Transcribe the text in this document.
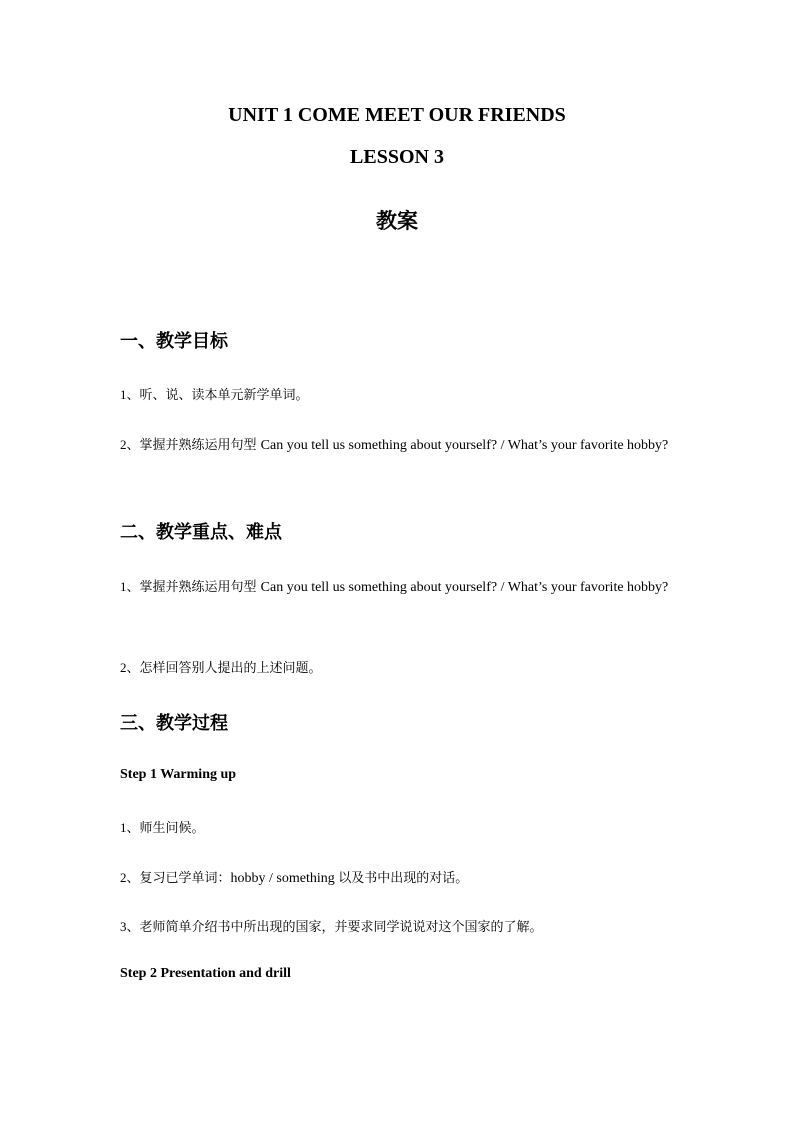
UNIT 1 COME MEET OUR FRIENDS
LESSON 3
教案
一、教学目标
1、听、说、读本单元新学单词。
2、掌握并熟练运用句型 Can you tell us something about yourself? / What’s your favorite hobby?
二、教学重点、难点
1、掌握并熟练运用句型 Can you tell us something about yourself? / What’s your favorite hobby?
2、怎样回答别人提出的上述问题。
三、教学过程
Step 1 Warming up
1、师生问候。
2、复习已学单词：hobby / something 以及书中出现的对话。
3、老师简单介绍书中所出现的国家，并要求同学说说对这个国家的了解。
Step 2 Presentation and drill
